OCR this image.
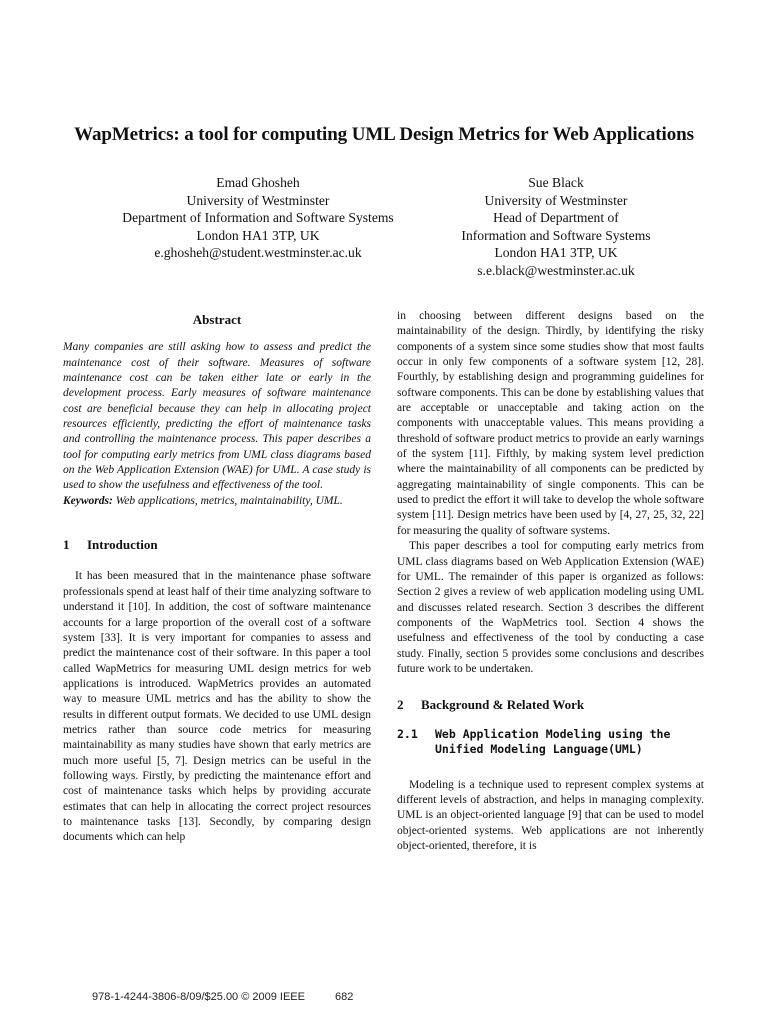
WapMetrics: a tool for computing UML Design Metrics for Web Applications
Emad Ghosheh
University of Westminster
Department of Information and Software Systems
London HA1 3TP, UK
e.ghosheh@student.westminster.ac.uk
Sue Black
University of Westminster
Head of Department of
Information and Software Systems
London HA1 3TP, UK
s.e.black@westminster.ac.uk
Abstract

Many companies are still asking how to assess and predict the maintenance cost of their software. Measures of software maintenance cost can be taken either late or early in the development process. Early measures of software maintenance cost are beneficial because they can help in allocating project resources efficiently, predicting the effort of maintenance tasks and controlling the maintenance process. This paper describes a tool for computing early metrics from UML class diagrams based on the Web Application Extension (WAE) for UML. A case study is used to show the usefulness and effectiveness of the tool.

Keywords: Web applications, metrics, maintainability, UML.

1 Introduction

It has been measured that in the maintenance phase software professionals spend at least half of their time analyzing software to understand it [10]. In addition, the cost of software maintenance accounts for a large proportion of the overall cost of a software system [33]. It is very important for companies to assess and predict the maintenance cost of their software. In this paper a tool called WapMetrics for measuring UML design metrics for web applications is introduced. WapMetrics provides an automated way to measure UML metrics and has the ability to show the results in different output formats. We decided to use UML design metrics rather than source code metrics for measuring maintainability as many studies have shown that early metrics are much more useful [5, 7]. Design metrics can be useful in the following ways. Firstly, by predicting the maintenance effort and cost of maintenance tasks which helps by providing accurate estimates that can help in allocating the correct project resources to maintenance tasks [13]. Secondly, by comparing design documents which can help

in choosing between different designs based on the maintainability of the design. Thirdly, by identifying the risky components of a system since some studies show that most faults occur in only few components of a software system [12, 28]. Fourthly, by establishing design and programming guidelines for software components. This can be done by establishing values that are acceptable or unacceptable and taking action on the components with unacceptable values. This means providing a threshold of software product metrics to provide an early warnings of the system [11]. Fifthly, by making system level prediction where the maintainability of all components can be predicted by aggregating maintainability of single components. This can be used to predict the effort it will take to develop the whole software system [11]. Design metrics have been used by [4, 27, 25, 32, 22] for measuring the quality of software systems.

This paper describes a tool for computing early metrics from UML class diagrams based on Web Application Extension (WAE) for UML. The remainder of this paper is organized as follows: Section 2 gives a review of web application modeling using UML and discusses related research. Section 3 describes the different components of the WapMetrics tool. Section 4 shows the usefulness and effectiveness of the tool by conducting a case study. Finally, section 5 provides some conclusions and describes future work to be undertaken.

2 Background & Related Work
2.1	Web Application Modeling using the Unified Modeling Language(UML)

Modeling is a technique used to represent complex systems at different levels of abstraction, and helps in managing complexity. UML is an object-oriented language [9] that can be used to model object-oriented systems. Web applications are not inherently object-oriented, therefore, it is

978-1-4244-3806-8/09/$25.00 © 2009 IEEE	682
